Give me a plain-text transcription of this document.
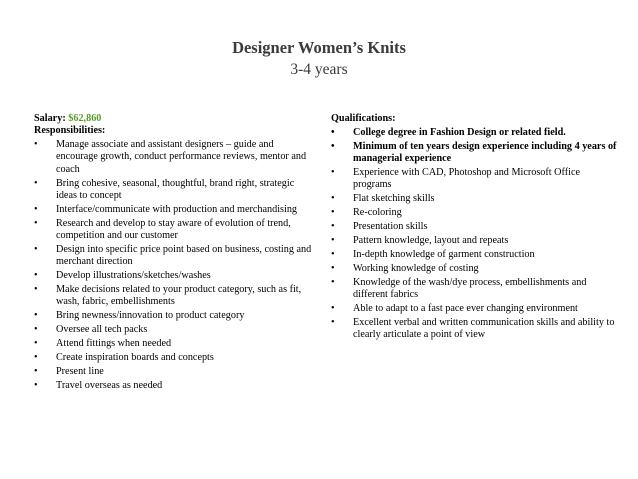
Designer Women’s Knits
3-4 years
Salary: $62,860
Responsibilities:
• Manage associate and assistant designers – guide and encourage growth, conduct performance reviews, mentor and coach
• Bring cohesive, seasonal, thoughtful, brand right, strategic ideas to concept
• Interface/communicate with production and merchandising
• Research and develop to stay aware of evolution of trend, competition and our customer
• Design into specific price point based on business, costing and merchant direction
• Develop illustrations/sketches/washes
• Make decisions related to your product category, such as fit, wash, fabric, embellishments
• Bring newness/innovation to product category
• Oversee all tech packs
• Attend fittings when needed
• Create inspiration boards and concepts
• Present line
• Travel overseas as needed
Qualifications:
• College degree in Fashion Design or related field.
• Minimum of ten years design experience including 4 years of managerial experience
• Experience with CAD, Photoshop and Microsoft Office programs
• Flat sketching skills
• Re-coloring
• Presentation skills
• Pattern knowledge, layout and repeats
• In-depth knowledge of garment construction
• Working knowledge of costing
• Knowledge of the wash/dye process, embellishments and different fabrics
• Able to adapt to a fast pace ever changing environment
• Excellent verbal and written communication skills and ability to clearly articulate a point of view
